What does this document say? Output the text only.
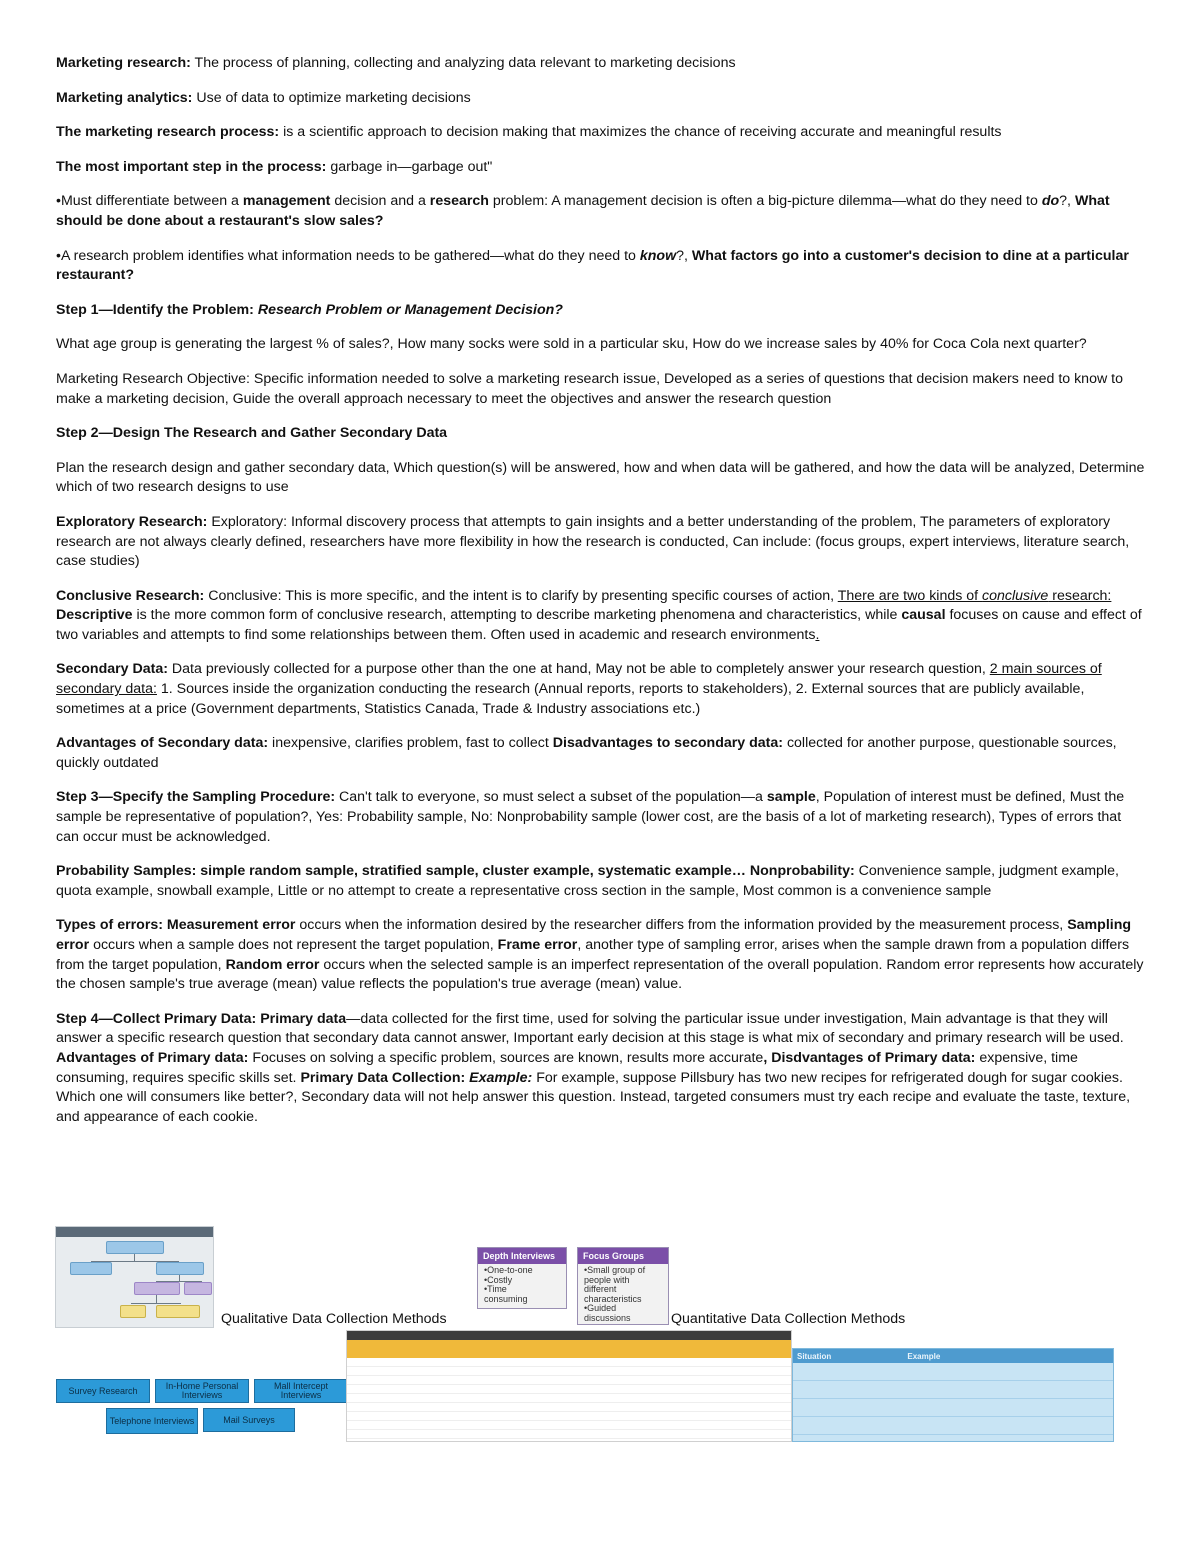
Marketing research: The process of planning, collecting and analyzing data relevant to marketing decisions

Marketing analytics: Use of data to optimize marketing decisions

The marketing research process: is a scientific approach to decision making that maximizes the chance of receiving accurate and meaningful results

The most important step in the process: garbage in—garbage out"

•Must differentiate between a management decision and a research problem: A management decision is often a big-picture dilemma—what do they need to do?, What should be done about a restaurant's slow sales?

•A research problem identifies what information needs to be gathered—what do they need to know?, What factors go into a customer's decision to dine at a particular restaurant?

Step 1—Identify the Problem: Research Problem or Management Decision?

What age group is generating the largest % of sales?, How many socks were sold in a particular sku, How do we increase sales by 40% for Coca Cola next quarter?

Marketing Research Objective: Specific information needed to solve a marketing research issue, Developed as a series of questions that decision makers need to know to make a marketing decision, Guide the overall approach necessary to meet the objectives and answer the research question

Step 2—Design The Research and Gather Secondary Data

Plan the research design and gather secondary data, Which question(s) will be answered, how and when data will be gathered, and how the data will be analyzed, Determine which of two research designs to use

Exploratory Research: Exploratory: Informal discovery process that attempts to gain insights and a better understanding of the problem, The parameters of exploratory research are not always clearly defined, researchers have more flexibility in how the research is conducted, Can include: (focus groups, expert interviews, literature search, case studies)

Conclusive Research: Conclusive: This is more specific, and the intent is to clarify by presenting specific courses of action, There are two kinds of conclusive research: Descriptive is the more common form of conclusive research, attempting to describe marketing phenomena and characteristics, while causal focuses on cause and effect of two variables and attempts to find some relationships between them. Often used in academic and research environments.

Secondary Data: Data previously collected for a purpose other than the one at hand, May not be able to completely answer your research question, 2 main sources of secondary data: 1. Sources inside the organization conducting the research (Annual reports, reports to stakeholders), 2. External sources that are publicly available, sometimes at a price (Government departments, Statistics Canada, Trade & Industry associations etc.)

Advantages of Secondary data: inexpensive, clarifies problem, fast to collect Disadvantages to secondary data: collected for another purpose, questionable sources, quickly outdated

Step 3—Specify the Sampling Procedure: Can't talk to everyone, so must select a subset of the population—a sample, Population of interest must be defined, Must the sample be representative of population?, Yes: Probability sample, No: Nonprobability sample (lower cost, are the basis of a lot of marketing research), Types of errors that can occur must be acknowledged.

Probability Samples: simple random sample, stratified sample, cluster example, systematic example… Nonprobability: Convenience sample, judgment example, quota example, snowball example, Little or no attempt to create a representative cross section in the sample, Most common is a convenience sample

Types of errors: Measurement error occurs when the information desired by the researcher differs from the information provided by the measurement process, Sampling error occurs when a sample does not represent the target population, Frame error, another type of sampling error, arises when the sample drawn from a population differs from the target population, Random error occurs when the selected sample is an imperfect representation of the overall population. Random error represents how accurately the chosen sample's true average (mean) value reflects the population's true average (mean) value.

Step 4—Collect Primary Data: Primary data—data collected for the first time, used for solving the particular issue under investigation, Main advantage is that they will answer a specific research question that secondary data cannot answer, Important early decision at this stage is what mix of secondary and primary research will be used. Advantages of Primary data: Focuses on solving a specific problem, sources are known, results more accurate, Disdvantages of Primary data: expensive, time consuming, requires specific skills set. Primary Data Collection: Example: For example, suppose Pillsbury has two new recipes for refrigerated dough for sugar cookies. Which one will consumers like better?, Secondary data will not help answer this question. Instead, targeted consumers must try each recipe and evaluate the taste, texture, and appearance of each cookie.

Qualitative Data Collection Methods
Depth Interviews
•One-to-one
•Costly
•Time
consuming
Focus Groups
•Small group of
people with
different
characteristics
•Guided
discussions	Quantitative Data Collection Methods
Survey Research	In-Home Personal Interviews
Mall Intercept Interviews
Telephone Interviews	Mail Surveys

Situation	Example
